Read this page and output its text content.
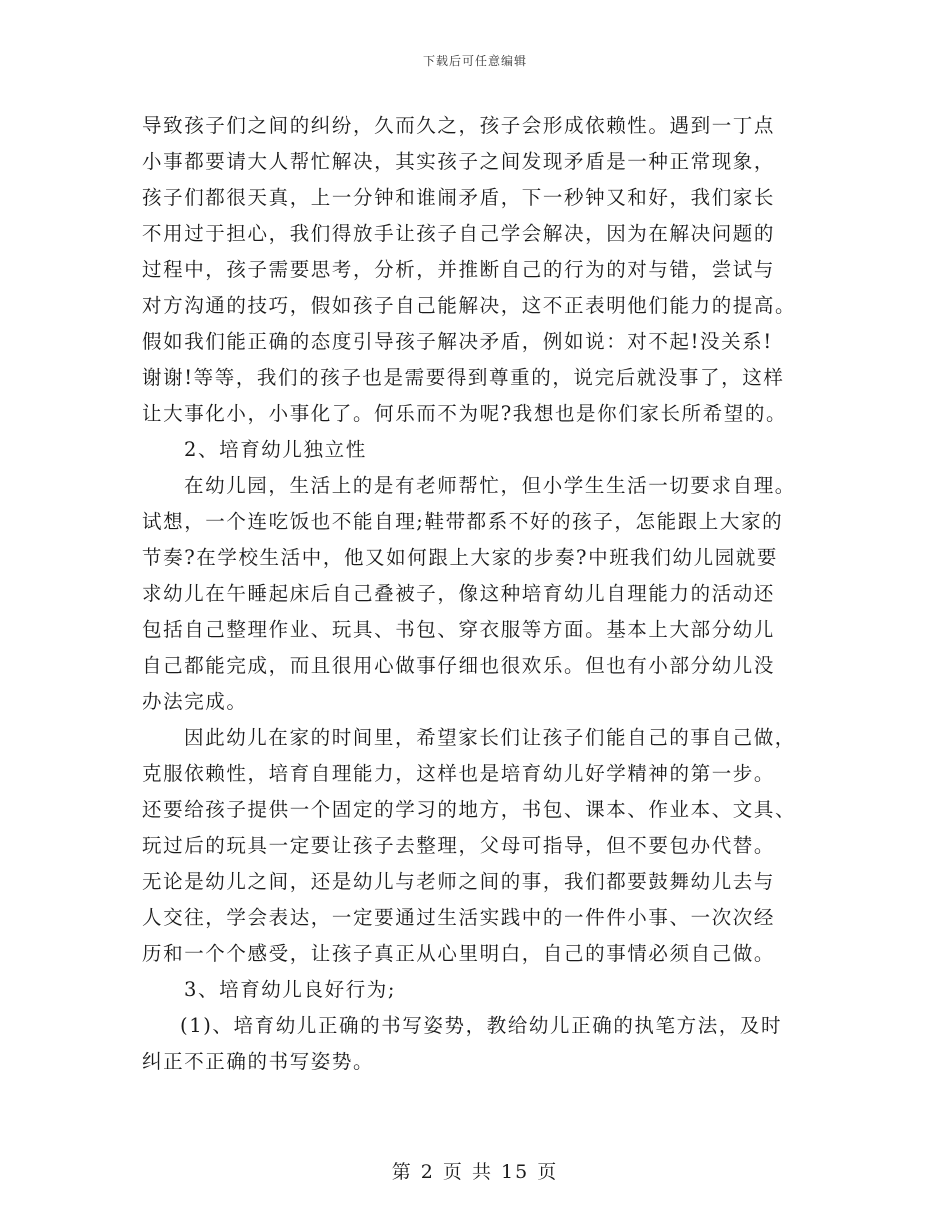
下载后可任意编辑
导致孩子们之间的纠纷，久而久之，孩子会形成依赖性。遇到一丁点
小事都要请大人帮忙解决，其实孩子之间发现矛盾是一种正常现象，
孩子们都很天真，上一分钟和谁闹矛盾，下一秒钟又和好，我们家长
不用过于担心，我们得放手让孩子自己学会解决，因为在解决问题的
过程中，孩子需要思考，分析，并推断自己的行为的对与错，尝试与
对方沟通的技巧，假如孩子自己能解决，这不正表明他们能力的提高。
假如我们能正确的态度引导孩子解决矛盾，例如说：对不起!没关系!
谢谢!等等，我们的孩子也是需要得到尊重的，说完后就没事了，这样
让大事化小，小事化了。何乐而不为呢?我想也是你们家长所希望的。
2、培育幼儿独立性
在幼儿园，生活上的是有老师帮忙，但小学生生活一切要求自理。
试想，一个连吃饭也不能自理;鞋带都系不好的孩子，怎能跟上大家的
节奏?在学校生活中，他又如何跟上大家的步奏?中班我们幼儿园就要
求幼儿在午睡起床后自己叠被子，像这种培育幼儿自理能力的活动还
包括自己整理作业、玩具、书包、穿衣服等方面。基本上大部分幼儿
自己都能完成，而且很用心做事仔细也很欢乐。但也有小部分幼儿没
办法完成。
因此幼儿在家的时间里，希望家长们让孩子们能自己的事自己做，
克服依赖性，培育自理能力，这样也是培育幼儿好学精神的第一步。
还要给孩子提供一个固定的学习的地方，书包、课本、作业本、文具、
玩过后的玩具一定要让孩子去整理，父母可指导，但不要包办代替。
无论是幼儿之间，还是幼儿与老师之间的事，我们都要鼓舞幼儿去与
人交往，学会表达，一定要通过生活实践中的一件件小事、一次次经
历和一个个感受，让孩子真正从心里明白，自己的事情必须自己做。
3、培育幼儿良好行为;
(1)、培育幼儿正确的书写姿势，教给幼儿正确的执笔方法，及时
纠正不正确的书写姿势。
第 2 页 共 15 页
